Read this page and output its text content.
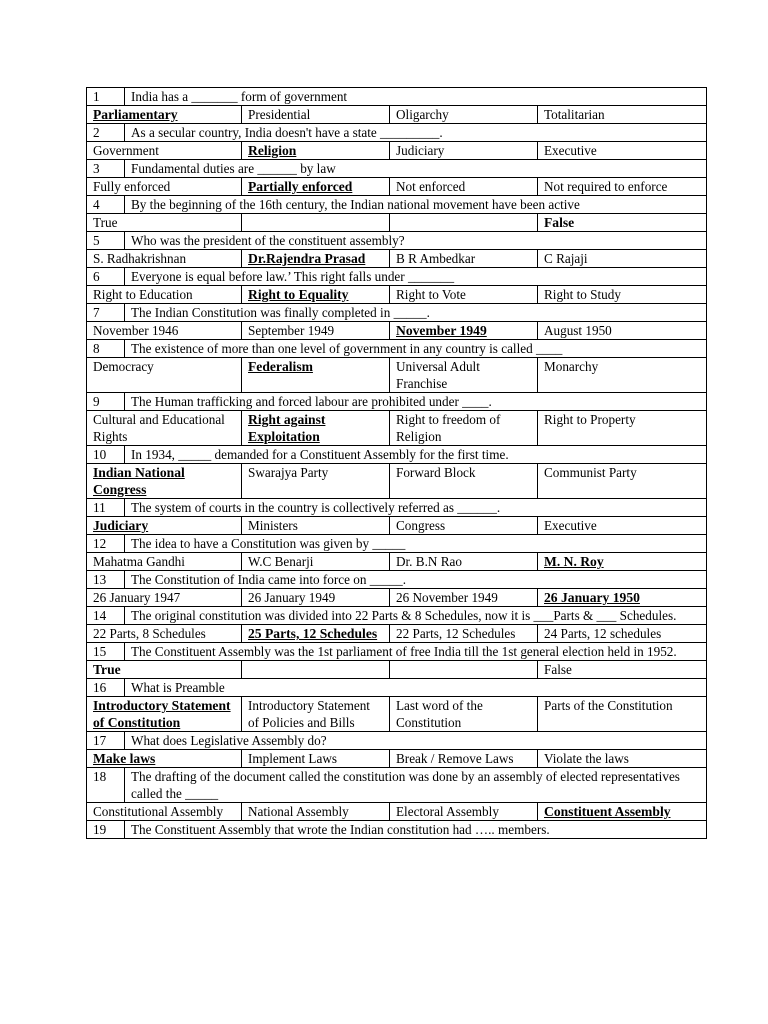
1	India has a _______ form of government			
Parliamentary		Presidential	Oligarchy	Totalitarian
2	As a secular country, India doesn't have a state _________.			
Government		Religion	Judiciary	Executive
3	Fundamental duties are ______ by law			
Fully enforced		Partially enforced	Not enforced	Not required to enforce
4	By the beginning of the 16th century, the Indian national movement have been active			
True				False
5	Who was the president of the constituent assembly?			
S. Radhakrishnan		Dr.Rajendra Prasad	B R Ambedkar	C Rajaji
6	Everyone is equal before law.’ This right falls under _______			
Right to Education		Right to Equality	Right to Vote	Right to Study
7	The Indian Constitution was finally completed in _____.			
November 1946		September 1949	November 1949	August 1950
8	The existence of more than one level of government in any country is called ____			
Democracy		Federalism	Universal Adult Franchise	Monarchy
9	The Human trafficking and forced labour are prohibited under ____.			
Cultural and Educational Rights		Right against Exploitation	Right to freedom of Religion	Right to Property
10	In 1934, _____ demanded for a Constituent Assembly for the first time.			
Indian National Congress		Swarajya Party	Forward Block	Communist Party
11	The system of courts in the country is collectively referred as ______.			
Judiciary		Ministers	Congress	Executive
12	The idea to have a Constitution was given by _____			
Mahatma Gandhi		W.C Benarji	Dr. B.N Rao	M. N. Roy
13	The Constitution of India came into force on _____.			
26 January 1947		26 January 1949	26 November 1949	26 January 1950
14	The original constitution was divided into 22 Parts & 8 Schedules, now it is ___Parts & ___ Schedules.			
22 Parts, 8 Schedules		25 Parts, 12 Schedules	22 Parts, 12 Schedules	24 Parts, 12 schedules
15	The Constituent Assembly was the 1st parliament of free India till the 1st general election held in 1952.			
True				False
16	What is Preamble			
Introductory Statement of Constitution		Introductory Statement of Policies and Bills	Last word of the Constitution	Parts of the Constitution
17	What does Legislative Assembly do?			
Make laws		Implement Laws	Break / Remove Laws	Violate the laws
18	The drafting of the document called the constitution was done by an assembly of elected representatives called the _____			
Constitutional Assembly		National Assembly	Electoral Assembly	Constituent Assembly
19	The Constituent Assembly that wrote the Indian constitution had ….. members.			
